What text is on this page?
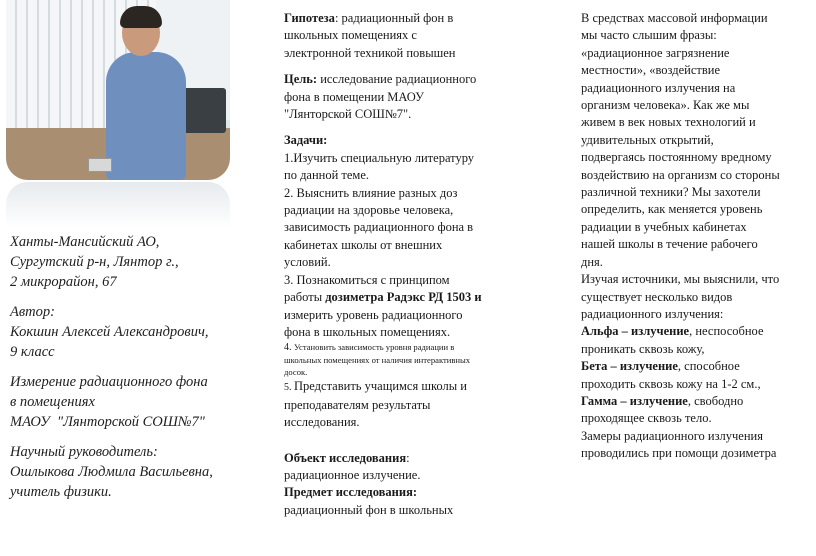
Ханты-Мансийский АО,
Сургутский р-н, Лянтор г.,
2 микрорайон, 67

Автор:
Кокшин Алексей Александрович,
9 класс

Измерение радиационного фона
в помещениях
МАОУ  "Лянторской СОШ№7"

Научный руководитель:
Ошлыкова Людмила Васильевна,
учитель физики.

Гипотеза: радиационный фон в школьных помещениях с электронной техникой повышен

Цель: исследование радиационного фона в помещении МАОУ "Лянторской СОШ№7".

Задачи:

1.Изучить специальную литературу по данной теме.

2. Выяснить влияние разных доз радиации на здоровье человека, зависимость радиационного фона в кабинетах школы от внешних условий.

3. Познакомиться с принципом работы дозиметра Радэкс РД 1503 и измерить уровень радиационного фона в школьных помещениях.

4. Установить зависимость уровня радиации в школьных помещениях от наличия интерактивных досок.

5. Представить учащимся школы и преподавателям результаты исследования.

Объект исследования: радиационное излучение.

Предмет исследования:
радиационный фон в школьных

В средствах массовой информации мы часто слышим фразы: «радиационное загрязнение местности», «воздействие радиационного излучения на организм человека». Как же мы живем в век новых технологий и удивительных открытий, подвергаясь постоянному вредному воздействию на организм со стороны различной техники? Мы захотели определить, как меняется уровень радиации в учебных кабинетах нашей школы в течение рабочего дня.

Изучая источники, мы выяснили, что существует несколько видов радиационного излучения:

Альфа – излучение, неспособное проникать сквозь кожу,

Бета – излучение, способное проходить сквозь кожу на 1-2 см.,

Гамма – излучение, свободно проходящее сквозь тело.

Замеры радиационного излучения проводились при помощи дозиметра
